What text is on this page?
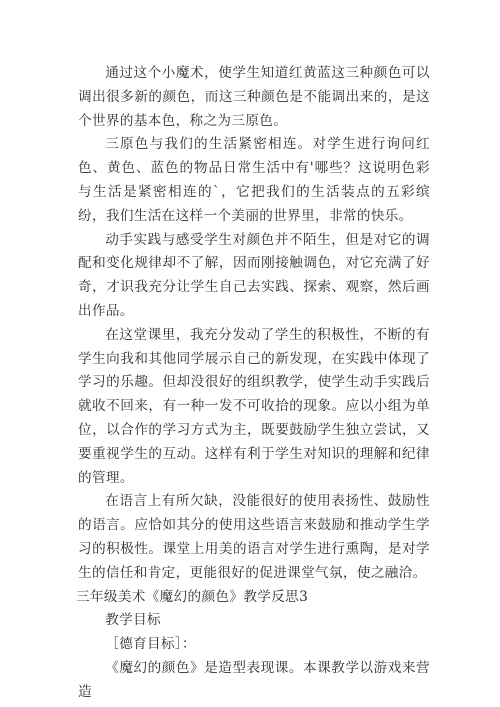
通过这个小魔术，使学生知道红黄蓝这三种颜色可以调出很多新的颜色，而这三种颜色是不能调出来的，是这个世界的基本色，称之为三原色。

三原色与我们的生活紧密相连。对学生进行询问红色、黄色、蓝色的物品日常生活中有'哪些？这说明色彩与生活是紧密相连的`，它把我们的生活装点的五彩缤纷，我们生活在这样一个美丽的世界里，非常的快乐。

动手实践与感受学生对颜色并不陌生，但是对它的调配和变化规律却不了解，因而刚接触调色，对它充满了好奇，才识我充分让学生自己去实践、探索、观察，然后画出作品。

在这堂课里，我充分发动了学生的积极性，不断的有学生向我和其他同学展示自己的新发现，在实践中体现了学习的乐趣。但却没很好的组织教学，使学生动手实践后就收不回来，有一种一发不可收拾的现象。应以小组为单位，以合作的学习方式为主，既要鼓励学生独立尝试，又要重视学生的互动。这样有利于学生对知识的理解和纪律的管理。

在语言上有所欠缺，没能很好的使用表扬性、鼓励性的语言。应恰如其分的使用这些语言来鼓励和推动学生学习的积极性。课堂上用美的语言对学生进行熏陶，是对学生的信任和肯定，更能很好的促进课堂气氛，使之融洽。

三年级美术《魔幻的颜色》教学反思3

教学目标

［德育目标］：

《魔幻的颜色》是造型表现课。本课教学以游戏来营造
